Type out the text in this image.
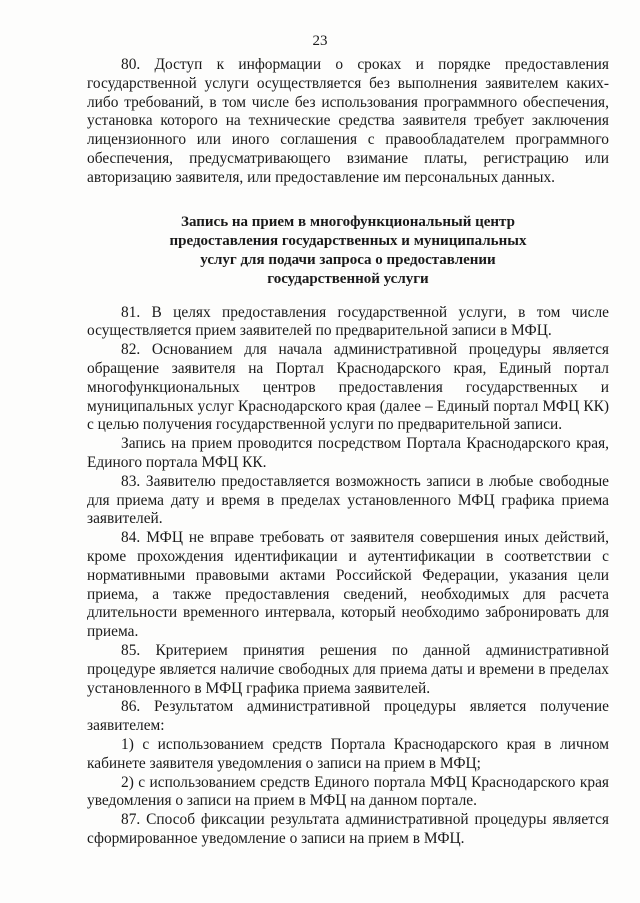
23

80. Доступ к информации о сроках и порядке предоставления государственной услуги осуществляется без выполнения заявителем каких-либо требований, в том числе без использования программного обеспечения, установка которого на технические средства заявителя требует заключения лицензионного или иного соглашения с правообладателем программного обеспечения, предусматривающего взимание платы, регистрацию или авторизацию заявителя, или предоставление им персональных данных.

Запись на прием в многофункциональный центр
предоставления государственных и муниципальных
услуг для подачи запроса о предоставлении
государственной услуги

81. В целях предоставления государственной услуги, в том числе осуществляется прием заявителей по предварительной записи в МФЦ.

82. Основанием для начала административной процедуры является обращение заявителя на Портал Краснодарского края, Единый портал многофункциональных центров предоставления государственных и муниципальных услуг Краснодарского края (далее – Единый портал МФЦ КК) с целью получения государственной услуги по предварительной записи.

Запись на прием проводится посредством Портала Краснодарского края, Единого портала МФЦ КК.

83. Заявителю предоставляется возможность записи в любые свободные для приема дату и время в пределах установленного МФЦ графика приема заявителей.

84. МФЦ не вправе требовать от заявителя совершения иных действий, кроме прохождения идентификации и аутентификации в соответствии с нормативными правовыми актами Российской Федерации, указания цели приема, а также предоставления сведений, необходимых для расчета длительности временного интервала, который необходимо забронировать для приема.

85. Критерием принятия решения по данной административной процедуре является наличие свободных для приема даты и времени в пределах установленного в МФЦ графика приема заявителей.

86. Результатом административной процедуры является получение заявителем:

1) с использованием средств Портала Краснодарского края в личном кабинете заявителя уведомления о записи на прием в МФЦ;

2) с использованием средств Единого портала МФЦ Краснодарского края уведомления о записи на прием в МФЦ на данном портале.

87. Способ фиксации результата административной процедуры является сформированное уведомление о записи на прием в МФЦ.
